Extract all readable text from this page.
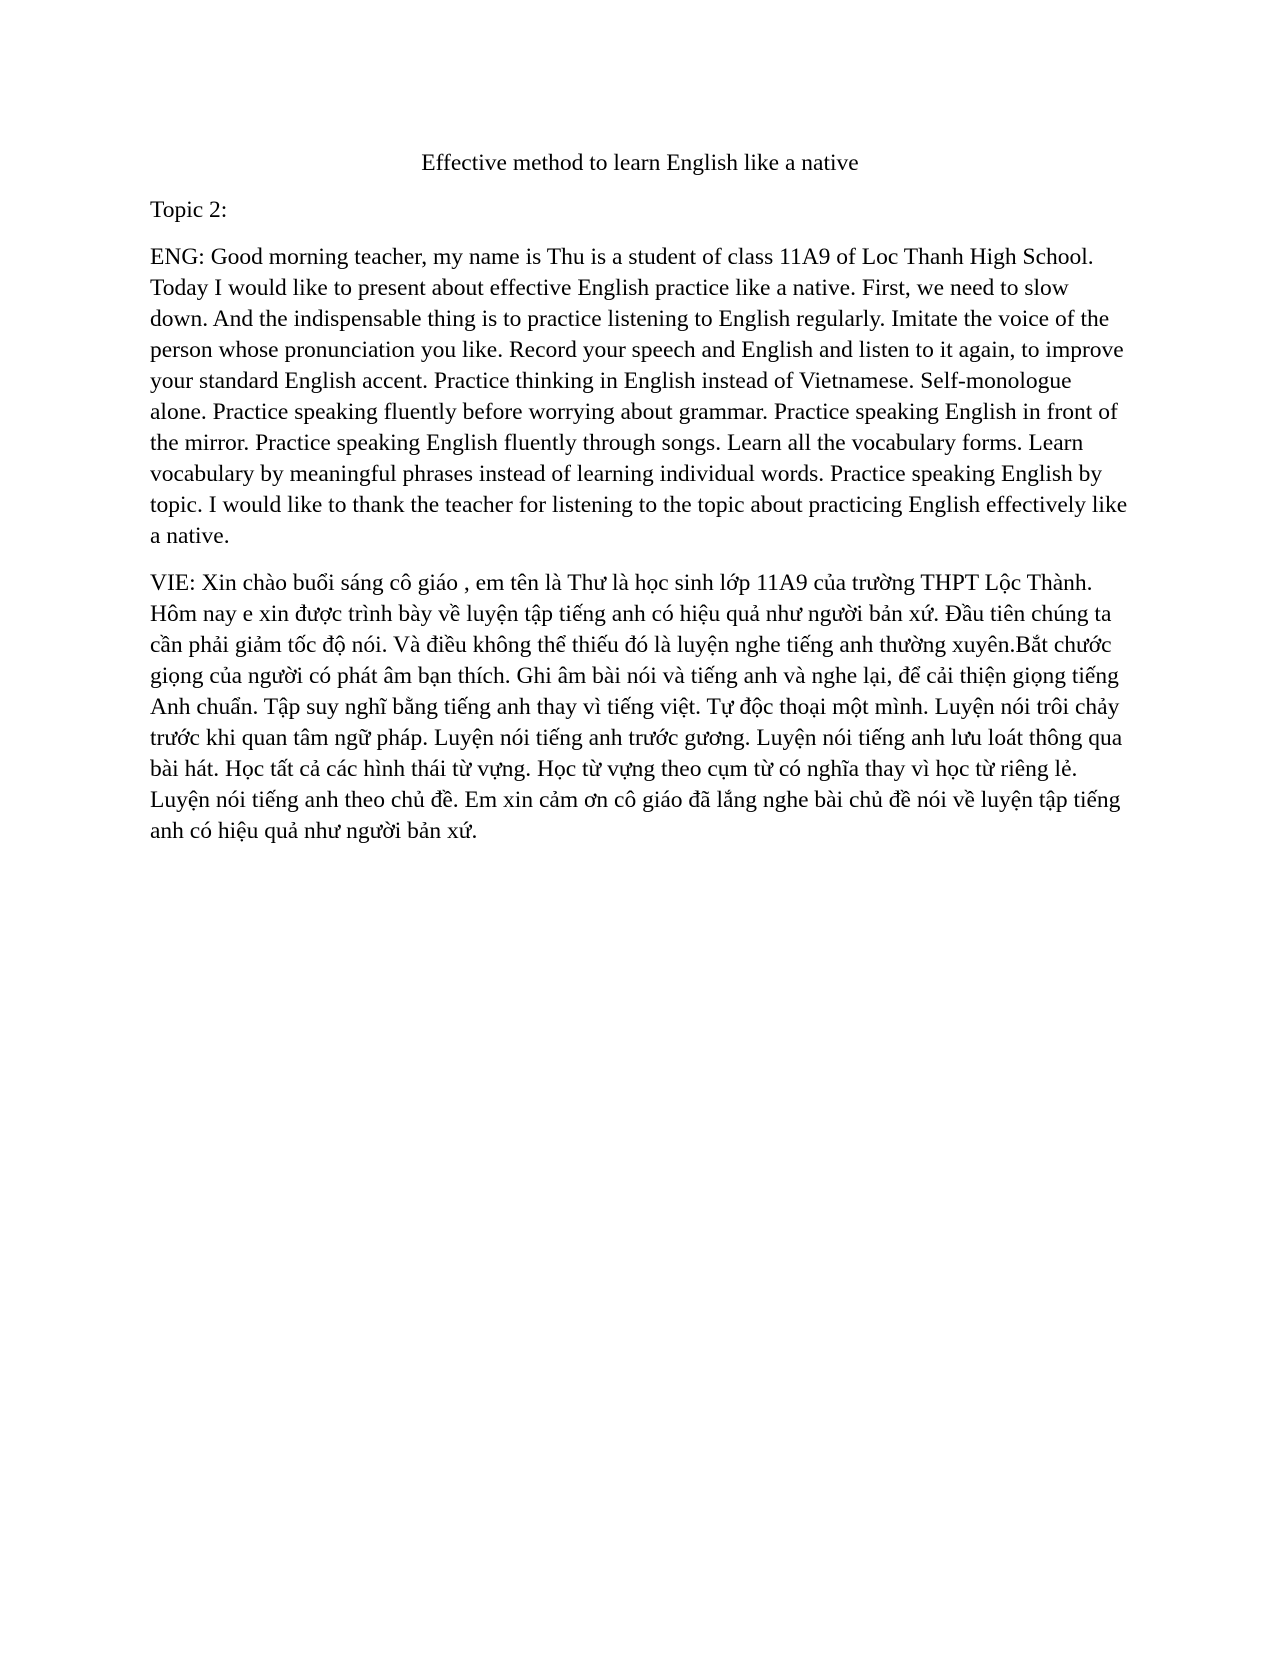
Effective method to learn English like a native

Topic 2:

ENG: Good morning teacher, my name is Thu is a student of class 11A9 of Loc Thanh High School. Today I would like to present about effective English practice like a native. First, we need to slow down. And the indispensable thing is to practice listening to English regularly. Imitate the voice of the person whose pronunciation you like. Record your speech and English and listen to it again, to improve your standard English accent. Practice thinking in English instead of Vietnamese. Self-monologue alone. Practice speaking fluently before worrying about grammar. Practice speaking English in front of the mirror. Practice speaking English fluently through songs. Learn all the vocabulary forms. Learn vocabulary by meaningful phrases instead of learning individual words. Practice speaking English by topic. I would like to thank the teacher for listening to the topic about practicing English effectively like a native.

VIE: Xin chào buổi sáng cô giáo , em tên là Thư là học sinh lớp 11A9 của trường THPT Lộc Thành. Hôm nay e xin được trình bày về luyện tập tiếng anh có hiệu quả như người bản xứ. Đầu tiên chúng ta cần phải giảm tốc độ nói. Và điều không thể thiếu đó là luyện nghe tiếng anh thường xuyên.Bắt chước giọng của người có phát âm bạn thích. Ghi âm bài nói và tiếng anh và nghe lại, để cải thiện giọng tiếng Anh chuẩn. Tập suy nghĩ bằng tiếng anh thay vì tiếng việt. Tự độc thoại một mình. Luyện nói trôi chảy trước khi quan tâm ngữ pháp. Luyện nói tiếng anh trước gương. Luyện nói tiếng anh lưu loát thông qua bài hát. Học tất cả các hình thái từ vựng. Học từ vựng theo cụm từ có nghĩa thay vì học từ riêng lẻ. Luyện nói tiếng anh theo chủ đề. Em xin cảm ơn cô giáo đã lắng nghe bài chủ đề nói về luyện tập tiếng anh có hiệu quả như người bản xứ.
